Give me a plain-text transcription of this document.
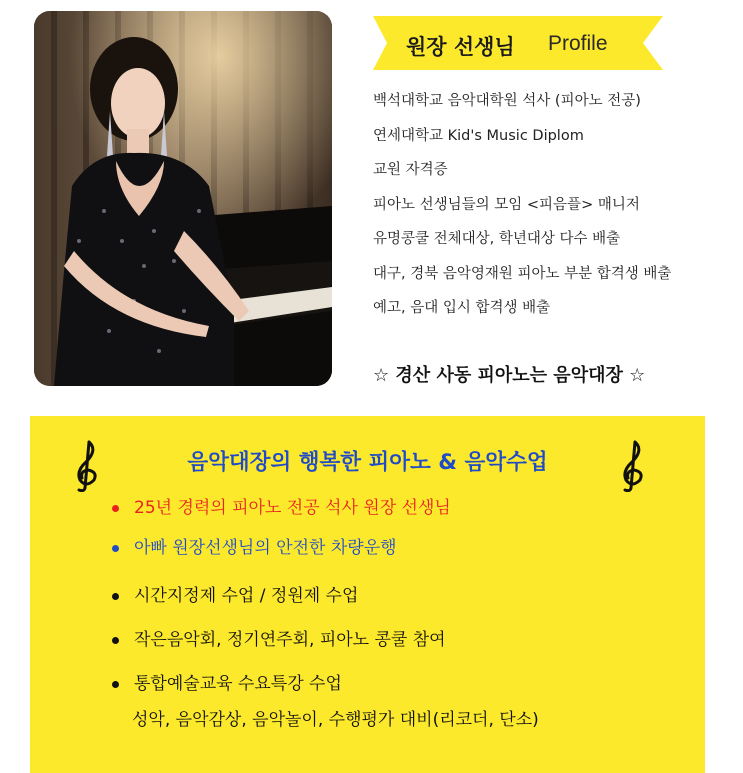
원장 선생님 Profile
백석대학교 음악대학원 석사 (피아노 전공)
연세대학교 Kid's Music Diplom
교원 자격증
피아노 선생님들의 모임 <피음플> 매니저
유명콩쿨 전체대상, 학년대상 다수 배출
대구, 경북 음악영재원 피아노 부분 합격생 배출
예고, 음대 입시 합격생 배출
☆ 경산 사동 피아노는 음악대장 ☆
음악대장의 행복한 피아노 & 음악수업
25년 경력의 피아노 전공 석사 원장 선생님
아빠 원장선생님의 안전한 차량운행
시간지정제 수업 / 정원제 수업
작은음악회, 정기연주회, 피아노 콩쿨 참여
통합예술교육 수요특강 수업
성악, 음악감상, 음악놀이, 수행평가 대비(리코더, 단소)
